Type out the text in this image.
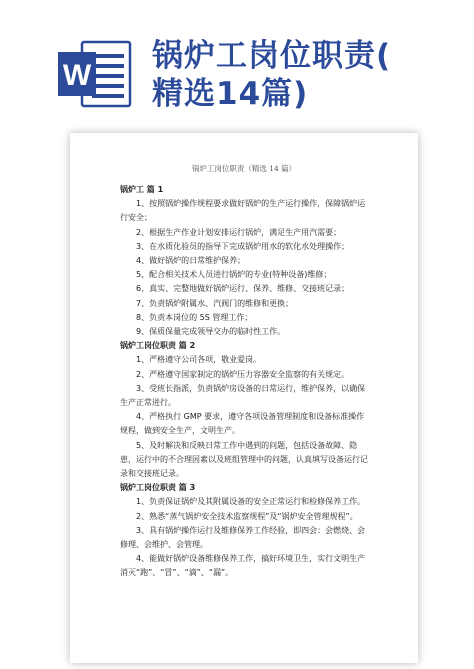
W
锅炉工岗位职责(
精选14篇)
锅炉工岗位职责（精选 14 篇）
锅炉工 篇 1
1、按照锅炉操作规程要求做好锅炉的生产运行操作，保障锅炉运行安全；
2、根据生产作业计划安排运行锅炉，满足生产用汽需要；
3、在水质化验员的指导下完成锅炉用水的软化水处理操作；
4、做好锅炉的日常维护保养；
5、配合相关技术人员进行锅炉的专业(特种设备)维修；
6、真实、完整地做好锅炉运行、保养、维修、交接班记录；
7、负责锅炉附属水、汽阀门的维修和更换；
8、负责本岗位的 5S 管理工作；
9、保质保量完成领导交办的临时性工作。
锅炉工岗位职责 篇 2
1、严格遵守公司各项，敬业爱岗。
2、严格遵守国家制定的锅炉压力容器安全监察的有关规定。
3、受班长指派，负责锅炉房设备的日常运行，维护保养，以确保生产正常进行。
4、严格执行 GMP 要求，遵守各项设备管理制度和设备标准操作规程，做到安全生产，文明生产。
5、及时解决和反映日常工作中遇到的问题，包括设备故障、隐患，运行中的不合理因素以及班组管理中的问题，认真填写设备运行记录和交接班记录。
锅炉工岗位职责 篇 3
1、负责保证锅炉及其附属设备的安全正常运行和检修保养工作。
2、熟悉“蒸气锅炉安全技术监察规程”及“锅炉安全管理规程”。
3、具有锅炉操作运行及维修保养工作经验，即四会：会燃烧、会修理、会维护、会管理。
4、能做好锅炉设备维修保养工作，搞好环境卫生，实行文明生产消灭“跑”、“冒”、“滴”、“漏”。
